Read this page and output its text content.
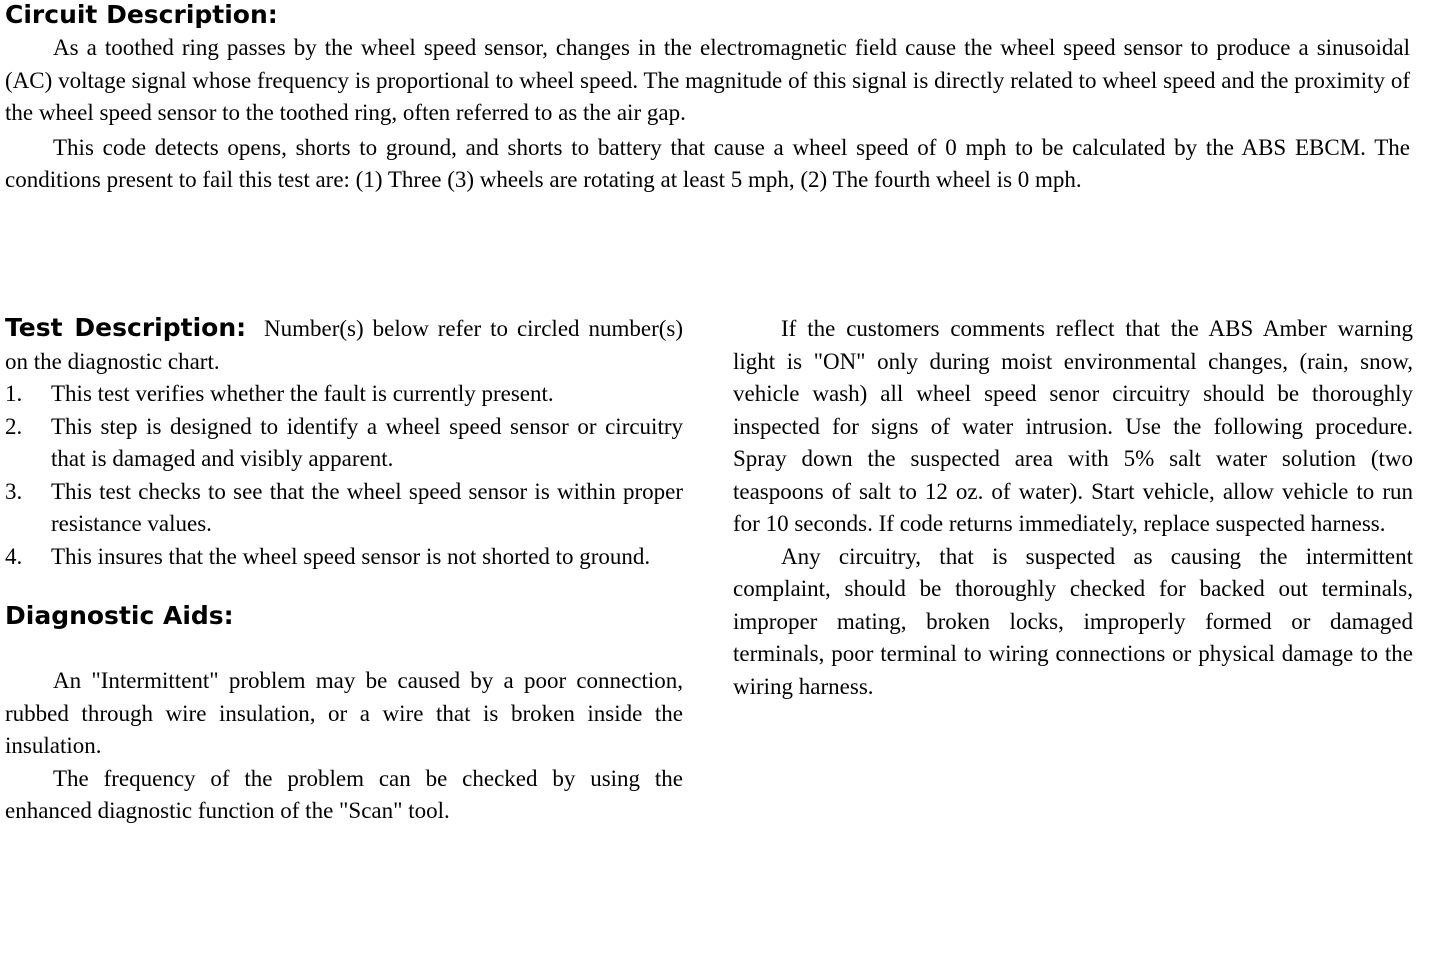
Circuit Description:

As a toothed ring passes by the wheel speed sensor, changes in the electromagnetic field cause the wheel speed sensor to produce a sinusoidal (AC) voltage signal whose frequency is proportional to wheel speed. The magnitude of this signal is directly related to wheel speed and the proximity of the wheel speed sensor to the toothed ring, often referred to as the air gap.

This code detects opens, shorts to ground, and shorts to battery that cause a wheel speed of 0 mph to be calculated by the ABS EBCM. The conditions present to fail this test are: (1) Three (3) wheels are rotating at least 5 mph, (2) The fourth wheel is 0 mph.

Test Description: Number(s) below refer to circled number(s) on the diagnostic chart.

1. This test verifies whether the fault is currently present.
2. This step is designed to identify a wheel speed sensor or circuitry that is damaged and visibly apparent.
3. This test checks to see that the wheel speed sensor is within proper resistance values.
4. This insures that the wheel speed sensor is not shorted to ground.
Diagnostic Aids:

An "Intermittent" problem may be caused by a poor connection, rubbed through wire insulation, or a wire that is broken inside the insulation.

The frequency of the problem can be checked by using the enhanced diagnostic function of the "Scan" tool.

If the customers comments reflect that the ABS Amber warning light is "ON" only during moist environmental changes, (rain, snow, vehicle wash) all wheel speed senor circuitry should be thoroughly inspected for signs of water intrusion. Use the following procedure. Spray down the suspected area with 5% salt water solution (two teaspoons of salt to 12 oz. of water). Start vehicle, allow vehicle to run for 10 seconds. If code returns immediately, replace suspected harness.

Any circuitry, that is suspected as causing the intermittent complaint, should be thoroughly checked for backed out terminals, improper mating, broken locks, improperly formed or damaged terminals, poor terminal to wiring connections or physical damage to the wiring harness.
